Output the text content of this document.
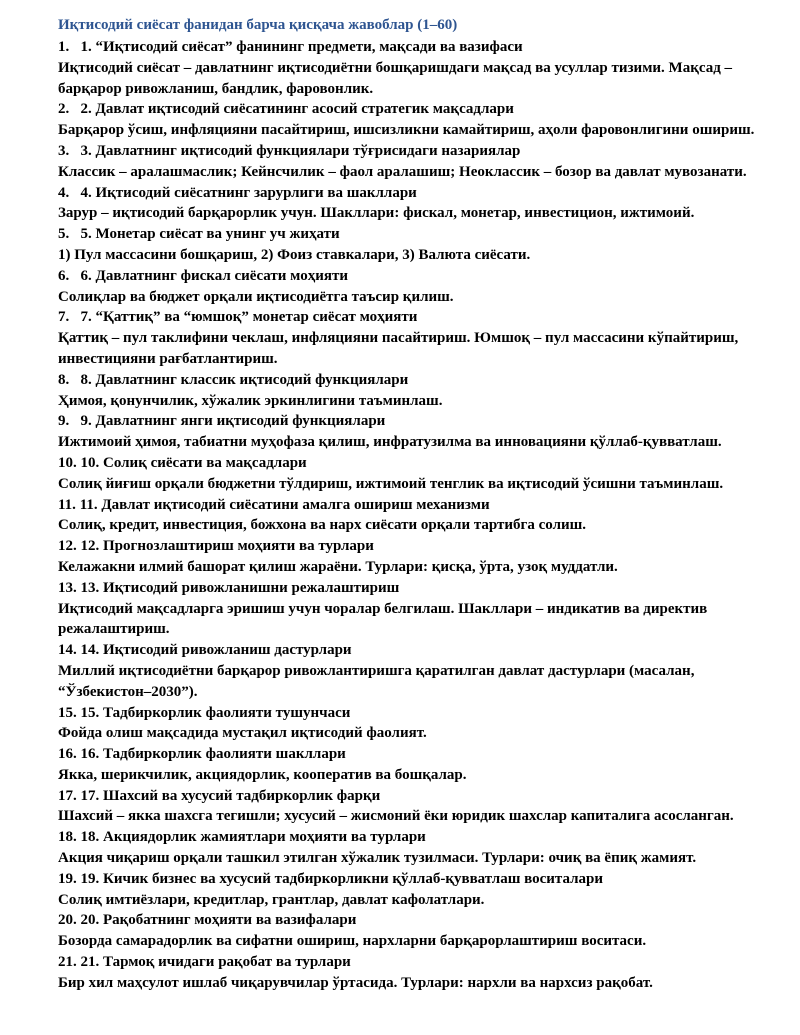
Иқтисодий сиёсат фанидан барча қисқача жавоблар (1–60)
1. 1. “Иқтисодий сиёсат” фанининг предмети, мақсади ва вазифаси
Иқтисодий сиёсат – давлатнинг иқтисодиётни бошқаришдаги мақсад ва усуллар тизими. Мақсад – барқарор ривожланиш, бандлик, фаровонлик.
2. 2. Давлат иқтисодий сиёсатининг асосий стратегик мақсадлари
Барқарор ўсиш, инфляцияни пасайтириш, ишсизликни камайтириш, аҳоли фаровонлигини ошириш.
3. 3. Давлатнинг иқтисодий функциялари тўғрисидаги назариялар
Классик – аралашмаслик; Кейнсчилик – фаол аралашиш; Неоклассик – бозор ва давлат мувозанати.
4. 4. Иқтисодий сиёсатнинг зарурлиги ва шакллари
Зарур – иқтисодий барқарорлик учун. Шакллари: фискал, монетар, инвестицион, ижтимоий.
5. 5. Монетар сиёсат ва унинг уч жиҳати
1) Пул массасини бошқариш, 2) Фоиз ставкалари, 3) Валюта сиёсати.
6. 6. Давлатнинг фискал сиёсати моҳияти
Солиқлар ва бюджет орқали иқтисодиётга таъсир қилиш.
7. 7. “Қаттиқ” ва “юмшоқ” монетар сиёсат моҳияти
Қаттиқ – пул таклифини чеклаш, инфляцияни пасайтириш. Юмшоқ – пул массасини кўпайтириш, инвестицияни рағбатлантириш.
8. 8. Давлатнинг классик иқтисодий функциялари
Ҳимоя, қонунчилик, хўжалик эркинлигини таъминлаш.
9. 9. Давлатнинг янги иқтисодий функциялари
Ижтимоий ҳимоя, табиатни муҳофаза қилиш, инфратузилма ва инновацияни қўллаб-қувватлаш.
10. 10. Солиқ сиёсати ва мақсадлари
Солиқ йиғиш орқали бюджетни тўлдириш, ижтимоий тенглик ва иқтисодий ўсишни таъминлаш.
11. 11. Давлат иқтисодий сиёсатини амалга ошириш механизми
Солиқ, кредит, инвестиция, божхона ва нарх сиёсати орқали тартибга солиш.
12. 12. Прогнозлаштириш моҳияти ва турлари
Келажакни илмий башорат қилиш жараёни. Турлари: қисқа, ўрта, узоқ муддатли.
13. 13. Иқтисодий ривожланишни режалаштириш
Иқтисодий мақсадларга эришиш учун чоралар белгилаш. Шакллари – индикатив ва директив режалаштириш.
14. 14. Иқтисодий ривожланиш дастурлари
Миллий иқтисодиётни барқарор ривожлантиришга қаратилган давлат дастурлари (масалан, “Ўзбекистон–2030”).
15. 15. Тадбиркорлик фаолияти тушунчаси
Фойда олиш мақсадида мустақил иқтисодий фаолият.
16. 16. Тадбиркорлик фаолияти шакллари
Якка, шерикчилик, акциядорлик, кооператив ва бошқалар.
17. 17. Шахсий ва хусусий тадбиркорлик фарқи
Шахсий – якка шахсга тегишли; хусусий – жисмоний ёки юридик шахслар капиталига асосланган.
18. 18. Акциядорлик жамиятлари моҳияти ва турлари
Акция чиқариш орқали ташкил этилган хўжалик тузилмаси. Турлари: очиқ ва ёпиқ жамият.
19. 19. Кичик бизнес ва хусусий тадбиркорликни қўллаб-қувватлаш воситалари
Солиқ имтиёзлари, кредитлар, грантлар, давлат кафолатлари.
20. 20. Рақобатнинг моҳияти ва вазифалари
Бозорда самарадорлик ва сифатни ошириш, нархларни барқарорлаштириш воситаси.
21. 21. Тармоқ ичидаги рақобат ва турлари
Бир хил маҳсулот ишлаб чиқарувчилар ўртасида. Турлари: нархли ва нархсиз рақобат.
